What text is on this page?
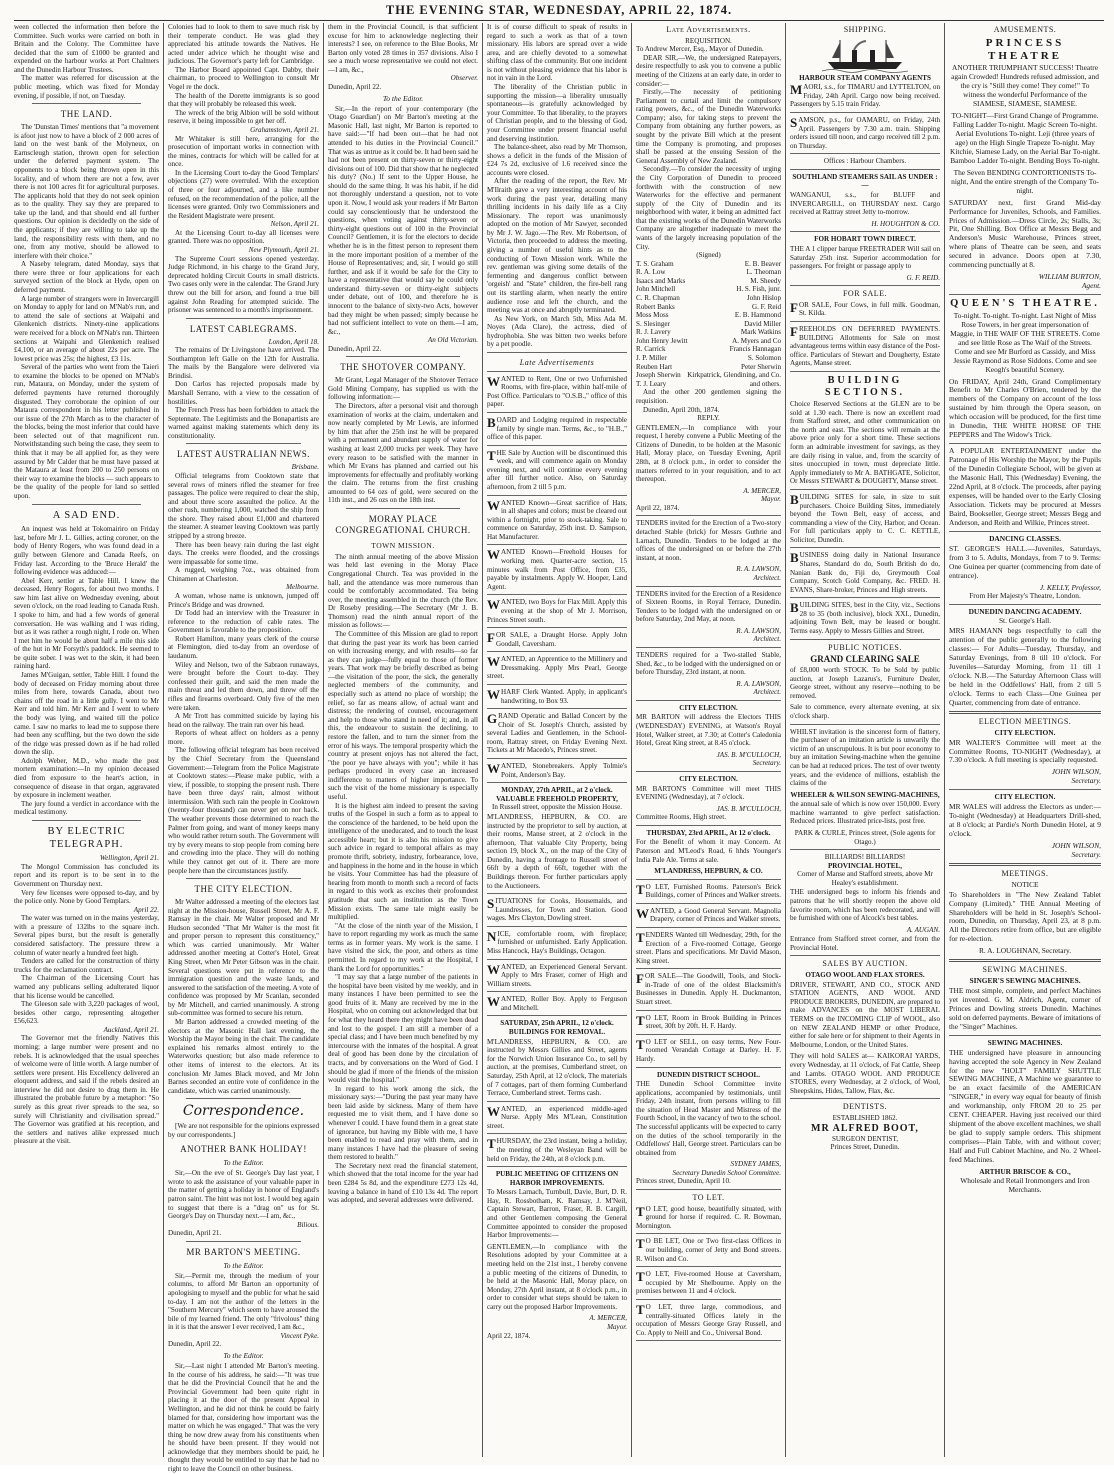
THE EVENING STAR, WEDNESDAY, APRIL 22, 1874.

ween collected the information then before the Committee. Such works were carried on both in Britain and the Colony. The Committee have decided that the sum of £1000 be granted and expended on the harbour works at Port Chalmers and the Dunedin Harbour Trustees.

The matter was referred for discussion at the public meeting, which was fixed for Monday evening, if possible, if not, on Tuesday.

THE LAND.

The 'Dunstan Times' mentions that "a movement is afoot just now to have a block of 2 000 acres of land on the west bank of the Molyneux, on Earnscleugh station, thrown open for selection under the deferred payment system. The opponents to a block being thrown open in this locality, and of whom there are not a few, aver there is not 100 acres fit for agricultural purposes. The applicants hold that they do not seek opinion as to the quality. They say they are prepared to take up the land, and that should end all further questions. Our opinion is decidedly on the side of the applicants; if they are willing to take up the land, the responsibility rests with them, and no one, from any motive, should be allowed to interfere with their choice."

A Naseby telegram, dated Monday, says that there were three or four applications for each surveyed section of the block at Hyde, open on deferred payment.

A large number of strangers were in Invercargill on Monday to apply for land on M'Nab's run, and to attend the sale of sections at Waipahi and Glenkenich districts. Ninety-nine applications were received for a block on M'Nab's run. Thirteen sections at Waipahi and Glenkenich realised £4,100, or an average of about 22s per acre. The lowest price was 25s; the highest, £3 11s.

Several of the parties who went from the Taieri to examine the blocks to be opened on M'Nab's run, Mataura, on Monday, under the system of deferred payments have returned thoroughly disgusted. They corroborate the opinion of our Mataura correspondent in his letter published in our issue of the 27th March as to the character of the blocks, being the most inferior that could have been selected out of that magnificent run. Notwithstanding such being the case, they seem to think that it may be all applied for, as they were assured by Mr Calder that he must have passed at the Mataura at least from 200 to 250 persons on their way to examine the blocks — such appears to be the quality of the people for land so settled upon.

A SAD END.

An inquest was held at Tokomairiro on Friday last, before Mr J. L. Gillies, acting coroner, on the body of Henry Rogers, who was found dead in a gully between Glenore and Canada Reefs, on Friday last. According to the 'Bruce Herald' the following evidence was adduced:—

Abel Kerr, settler at Table Hill. I knew the deceased, Henry Rogers, for about two months. I saw him last alive on Wednesday evening, about seven o'clock, on the road leading to Canada Rush. I spoke to him, and had a few words of general conversation. He was walking and I was riding, but as it was rather a rough night, I rode on. When I met him he would be about half a mile this side of the hut in Mr Forsyth's paddock. He seemed to be quite sober. I was wet to the skin, it had been raining hard.

James M'Guigan, settler, Table Hill. I found the body of deceased on Friday morning about three miles from here, towards Canada, about two chains off the road in a little gully. I went to Mr Kerr and told him. Mr Kerr and I went to where the body was lying, and waited till the police came. I saw no marks to lead me to suppose there had been any scuffling, but the two down the side of the ridge was pressed down as if he had rolled down the slip.

Adolph Weber, M.D., who made the post mortem examination:—In my opinion deceased died from exposure to the heart's action, in consequence of disease in that organ, aggravated by exposure in inclement weather.

The jury found a verdict in accordance with the medical testimony.

BY ELECTRIC TELEGRAPH.

Wellington, April 21.

The Mongol Commission has concluded its report and its report is to be sent in to the Government on Thursday next.

Very few licenses were opposed to-day, and by the police only. None by Good Templars.

April 22.

The water was turned on in the mains yesterday, with a pressure of 132lbs to the square inch. Several pipes burst, but the result is generally considered satisfactory. The pressure threw a column of water nearly a hundred feet high.

Tenders are called for the construction of thirty trucks for the reclamation contract.

The Chairman of the Licensing Court has warned any publicans selling adulterated liquor that his license would be cancelled.

The Gleeson sale with 3,220 packages of wool, besides other cargo, representing altogether £56,623.

Auckland, April 21.

The Governor met the friendly Natives this morning; a large number were present and no rebels. It is acknowledged that the usual speeches of welcome were of little worth. A large number of settlers were present. His Excellency delivered an eloquent address, and said if the rebels desired an interview he did not desire to drag them in. He illustrated the probable future by a metaphor: "So surely as this great river spreads to the sea, so surely will Christianity and civilisation spread." The Governor was gratified at his reception, and the settlers and natives alike expressed much pleasure at the visit.

Colonies had to look to them to save much risk by their temperate conduct. He was glad they appreciated his attitude towards the Natives. He acted under advice which he thought wise and judicious. The Governor's party left for Cambridge.

The Harbor Board appointed Capt. Dabby, their chairman, to proceed to Wellington to consult Mr Vogel re the dock.

The health of the Dorette immigrants is so good that they will probably be released this week.

The wreck of the brig Albion will be sold without reserve, it being impossible to get her off.

Grahamstown, April 21.

Mr Whitaker is still here, arranging for the prosecution of important works in connection with the mines, contracts for which will be called for at once.

In the Licensing Court to-day the Good Templars' objections (27) were overruled. With the exception of three or four adjourned, and a like number refused, on the recommendation of the police, all the licenses were granted. Only two Commissioners and the Resident Magistrate were present.

Nelson, April 21.

At the Licensing Court to-day all licenses were granted. There was no opposition.

New Plymouth, April 21.

The Supreme Court sessions opened yesterday. Judge Richmond, in his charge to the Grand Jury, deprecated holding Circuit Courts in small districts. Two cases only were in the calendar. The Grand Jury threw out the bill for arson, and found a true bill against John Reading for attempted suicide. The prisoner was sentenced to a month's imprisonment.

LATEST CABLEGRAMS.

London, April 18.

The remains of Dr Livingstone have arrived. The Southampton left Galle on the 12th for Australia. The mails by the Bangalore were delivered via Brindisi.

Don Carlos has rejected proposals made by Marshall Serrano, with a view to the cessation of hostilities.

The French Press has been forbidden to attack the Septennate. The Legitimists and the Bonapartists are warned against making statements which deny its constitutionality.

LATEST AUSTRALIAN NEWS.

Brisbane.

Official telegrams from Cooktown state that several rows of miners rifled the steamer for free passages. The police were required to clear the ship, and about three score assaulted the police. At the other rush, numbering 1,000, watched the ship from the shore. They raised about £1,000 and chartered the steamer. A steamer leaving Cooktown was partly stripped by a strong breeze.

There has been heavy rain during the last eight days. The creeks were flooded, and the crossings were impassable for some time.

A rugged, weighing 7oz., was obtained from Chinamen at Charleston.

Melbourne.

A woman, whose name is unknown, jumped off Prince's Bridge and was drowned.

Dr Todd had an interview with the Treasurer in reference to the reduction of cable rates. The Government is favorable to the proposition.

Robert Hamilton, many years clerk of the course at Flemington, died to-day from an overdose of laudanum.

Wiley and Nelson, two of the Sabraon runaways, were brought before the Court to-day. They confessed their guilt, and said the men made the main threat and led them down, and threw off the rifles and firearms overboard. Only five of the men were taken.

A Mr Trott has committed suicide by laying his head on the railway. The train ran over his head.

Reports of wheat affect on holders as a penny more.

The following official telegram has been received by the Chief Secretary from the Queensland Government:—Telegram from the Police Magistrate at Cooktown states:—Please make public, with a view, if possible, to stopping the present rush. There have been three days' rain, almost without intermission. With such rain the people in Cooktown (twenty-four thousand) can never get on nor back. The weather prevents those determined to reach the Palmer from going, and want of money keeps many who would rather return south. The Government will try by every means to stop people from coming here and crowding into the place. They will do nothing while they cannot get out of it. There are more people here than the circumstances justify.

THE CITY ELECTION.

Mr Walter addressed a meeting of the electors last night at the Mission-house, Russell Street, Mr A. F. Ramsay in the chair. Mr Walter proposed and Mr Hudson seconded "That Mr Walter is the most fit and proper person to represent this constituency," which was carried unanimously. Mr Walter addressed another meeting at Cotter's Hotel, Great King Street, when Mr Peter Gibson was in the chair. Several questions were put in reference to the immigration question and the waste lands, and answered to the satisfaction of the meeting. A vote of confidence was proposed by Mr Scanlan, seconded by Mr Mitchell, and carried unanimously. A strong sub-committee was formed to secure his return.

Mr Barton addressed a crowded meeting of the electors at the Masonic Hall last evening, the Worship the Mayor being in the chair. The candidate explained his remarks almost entirely to the Waterworks question; but also made reference to other items of interest to the electors. At its conclusion Mr James Black moved, and Mr John Barnes seconded an entire vote of confidence in the candidate, which was carried unanimously.

Correspondence.

[We are not responsible for the opinions expressed by our correspondents.]

ANOTHER BANK HOLIDAY!

To the Editor.

Sir,—On the eve of St. George's Day last year, I wrote to ask the assistance of your valuable paper in the matter of getting a holiday in honor of England's patron saint. The hint was not lost. I would beg again to suggest that there is a "drag on" us for St. George's Day on Thursday next.—I am, &c.,

Bilious.

Dunedin, April 21.

MR BARTON'S MEETING.

To the Editor.

Sir,—Permit me, through the medium of your columns, to afford Mr Barton an opportunity of apologising to myself and the public for what he said to-day. I am not the author of the letters in the "Southern Mercury" which seem to have aroused the bile of my learned friend. The only "frivolous" thing in it is that the answer I ever received, I am &c.,

Vincent Pyke.

Dunedin, April 22.

To the Editor.

Sir,—Last night I attended Mr Barton's meeting. In the course of his address, he said:—"It was true that he did the Provincial Council that he and the Provincial Government had been quite right in placing it at the door of the present Appeal in Wellington, and he did not think he could be fairly blamed for that, considering how important was the matter on which he was engaged." That was the very thing he now drew away from his constituents when he should have been present. If they would not acknowledge that they members should be paid, he thought they would be entitled to say that he had no right to leave the Council on other business.

them in the Provincial Council, is that sufficient excuse for him to acknowledge neglecting their interests? I see, on reference to the Blue Books, Mr Barton only voted 28 times in 357 divisions. Also I see a much worse representative we could not elect.—I am, &c.,

Observer.

Dunedin, April 22.

To the Editor.

Sir,—In the report of your contemporary (the 'Otago Guardian') on Mr Barton's meeting at the Masonic Hall, last night, Mr Barton is reported to have said:—"If had been out—that he had not attended to his duties in the Provincial Council." That was as untrue as it could be. It had been said he had not been present on thirty-seven or thirty-eight divisions out of 100. Did that show that he neglected his duty? (No.) If sent to the Upper House, he should do the same thing. It was his habit, if he did not thoroughly understand a question, not to vote upon it. Now, I would ask your readers if Mr Barton could say conscientiously that he understood the questions, when voting against thirty-seven or thirty-eight questions out of 100 in the Provincial Council? Gentlemen, it is for the electors to decide whether he is in the fittest person to represent them in the more important position of a member of the House of Representatives; and, sir, I would go still further, and ask if it would be safe for the City to have a representative that would say he could only understand thirty-seven or thirty-eight subjects under debate, out of 100, and therefore he is innocent to the balance of sixty-two Acts, however bad they might be when passed; simply because he had not sufficient intellect to vote on them.—I am, &c.,

An Old Victorian.

Dunedin, April 22.

THE SHOTOVER COMPANY.

Mr Grant, Legal Manager of the Shotover Terrace Gold Mining Company, has supplied us with the following information:—

The Directors, after a personal visit and thorough examination of works at the claim, undertaken and now nearly completed by Mr Lewis, are informed by him that after the 25th inst he will be prepared with a permanent and abundant supply of water for washing at least 2,000 trucks per week. They have every reason to be satisfied with the manner in which Mr Evans has planned and carried out his improvements for effectually and profitably working the claim. The returns from the first crushing amounted to 64 ozs of gold, were secured on the 11th inst., and 26 ozs on the 18th inst.

MORAY PLACE CONGREGATIONAL CHURCH.

TOWN MISSION.

The ninth annual meeting of the above Mission was held last evening in the Moray Place Congregational Church. Tea was provided in the hall, and the attendance was more numerous than could be comfortably accommodated. Tea being over, the meeting assembled in the church (the Rev. Dr Roseby presiding.—The Secretary (Mr J. B. Thomson) read the ninth annual report of the mission as follows:—

The Committee of this Mission are glad to report that during the past year its work has been carried on with increasing energy, and with results—so far as they can judge—fully equal to those of former years. That work may be briefly described as being—the visitation of the poor, the sick, the generally neglected members of the community, and especially such as attend no place of worship; the relief, so far as means allow, of actual want and distress; the rendering of counsel, encouragement and help to those who stand in need of it; and, in all this, the endeavour to sustain the declining, to restore the fallen, and to turn the sinner from the error of his ways. The temporal prosperity which the country at present enjoys has not altered the fact, "the poor ye have always with you"; while it has perhaps produced in every case an increased indifference to matters of higher importance. To such the visit of the home missionary is especially useful.

It is the highest aim indeed to present the saving truths of the Gospel in such a form as to appeal to the conscience of the hardened, to be held upon the intelligence of the uneducated, and to touch the least accessible heart; but it is also his mission to give such advice in regard to temporal affairs as may promote thrift, sobriety, industry, forbearance, love, and happiness in the home and in the house in which he visits. Your Committee has had the pleasure of hearing from month to month such a record of facts in regard to this work as excites their profoundest gratitude that such an institution as the Town Mission exists. The same tale might easily be multiplied.

"At the close of the ninth year of the Mission, I have to report regarding my work as much the same terms as in former years. My work is the same. I have visited the sick, the poor, and others as time permitted. In regard to my work at the Hospital, I thank the Lord for opportunities."

"I may say that a large number of the patients in the hospital have been visited by me weekly, and in many instances I have been permitted to see the good fruits of it. Many are received by me in the Hospital, who on coming out acknowledged that but for what they heard there they might have been dead and lost to the gospel. I am still a member of a special class; and I have been much benefited by my intercourse with the inmates of the hospital. A great deal of good has been done by the circulation of tracts, and by conversations on the Word of God. I should be glad if more of the friends of the mission would visit the hospital."

In regard to his work among the sick, the missionary says:—"During the past year many have been laid aside by sickness. Many of them have requested me to visit them, and I have done so whenever I could. I have found them in a great state of ignorance, but having my Bible with me, I have been enabled to read and pray with them, and in many instances I have had the pleasure of seeing them restored to health."

The Secretary next read the financial statement, which showed that the total income for the year had been £284 5s 8d, and the expenditure £273 12s 4d, leaving a balance in hand of £10 13s 4d. The report was adopted, and several addresses were delivered.

It is of course difficult to speak of results in regard to such a work as that of a town missionary. His labors are spread over a wide area, and are chiefly devoted to a somewhat shifting class of the community. But one incident is not without pleasing evidence that his labor is not in vain in the Lord.

The liberality of the Christian public in supporting the mission—a liberality unusually spontaneous—is gratefully acknowledged by your Committee. To that liberality, to the prayers of Christian people, and to the blessing of God, your Committee under present financial useful and deserving institution.

The balance-sheet, also read by Mr Thomson, shows a deficit in the funds of the Mission of £24 7s 2d, exclusive of 1.6 received since the accounts were closed.

After the reading of the report, the Rev. Mr M'Ilraith gave a very interesting account of his work during the past year, detailing many thrilling incidents in his daily life as a City Missionary. The report was unanimously adopted on the motion of Mr Sawyer, seconded by Mr J. W. Jago.—The Rev. Mr Robertson, of Victoria, then proceeded to address the meeting, giving a number of useful hints as to the conducting of Town Mission work. While the rev. gentleman was giving some details of the fermenting and dangerous conflict between 'orgeish' and "State" children, the fire-bell rang out its startling alarm, when nearly the entire audience rose and left the church, and the meeting was at once and abruptly terminated.

As New York, on March 5th, Miss Ada M. Noyes (Ada Clare), the actress, died of hydrophobia. She was bitten two weeks before by a pet poodle.

Late Advertisements

WANTED to Rent, One or two Unfurnished Rooms, with fire-place, within half-mile of Post Office. Particulars to "O.S.B.," office of this paper.

BOARD and Lodging required in respectable family by single man. Terms, &c., to "H.B.," office of this paper.

THE Sale by Auction will be discontinued this week, and will commence again on Monday evening next, and will continue every evening after till further notice. Also, on Saturday afternoon, from 2 till 5 p.m.

WANTED Known—Great sacrifice of Hats, in all shapes and colors; must be cleared out within a fortnight, prior to stock-taking. Sale to commence on Saturday, 25th inst. D. Sampson, Hat Manufacturer.

WANTED Known—Freehold Houses for working men. Quarter-acre section, 15 minutes walk from Post Office, from £35, payable by instalments. Apply W. Hooper, Land Agent.

WANTED, two Boys for Flax Mill. Apply this evening at the shop of Mr J. Morrison, Princes Street south.

FOR SALE, a Draught Horse. Apply John Goodall, Caversham.

WANTED, an Apprentice to the Millinery and Dressmaking. Apply Mrs Pearl, George street.

WHARF Clerk Wanted. Apply, in applicant's handwriting, to Box 93.

GRAND Operatic and Ballad Concert by the Choir of St. Joseph's Church, assisted by several Ladies and Gentlemen, in the School-room, Rattray street, on Friday Evening Next. Tickets at Mr Macedo's, Princes street.

WANTED, Stonebreakers. Apply Tolmie's Point, Anderson's Bay.

MONDAY, 27th APRIL, at 2 o'clock.

VALUABLE FREEHOLD PROPERTY,

In Russell street, opposite the Mission House.

M'LANDRESS, HEPBURN, & CO. are instructed by the proprietor to sell by auction, at their rooms, Manse street, at 2 o'clock in the afternoon, That valuable City Property, being section 19, block X., on the map of the City of Dunedin, having a frontage to Russell street of 66ft by a depth of 66ft, together with the Buildings thereon. For further particulars apply to the Auctioneers.

SITUATIONS for Cooks, Housemaids, and Laundresses, for Town and Station. Good wages. Mrs Clayton, Dowling street.

NICE, comfortable room, with fireplace; furnished or unfurnished. Early Application. Miss Hancock, Hay's Buildings, Octagon.

WANTED, an Experienced General Servant. Apply to Mrs Fraser, corner of High and William streets.

WANTED, Roller Boy. Apply to Ferguson and Mitchell.

SATURDAY, 25th APRIL, 12 o'clock.

BUILDINGS FOR REMOVAL.

M'LANDRESS, HEPBURN, & CO. are instructed by Messrs Gillies and Street, agents for the Norwich Union Insurance Co., to sell by auction, at the premises, Cumberland street, on Saturday, 25th April, at 12 o'clock, The materials of 7 cottages, part of them forming Cumberland Terrace, Cumberland street. Terms cash.

WANTED, an experienced middle-aged Nurse. Apply Mrs M'Lean, Constitution street.

THURSDAY, the 23rd instant, being a holiday, the meeting of the Wesleyan Band will be held on Friday, the 24th, at 8 o'clock p.m.

PUBLIC MEETING OF CITIZENS ON HARBOR IMPROVEMENTS.

To Messrs Larnach, Turnbull, Davie, Burt, D. R. Hay, R. Rossbotham, K. Ramsay, J. M'Neil, Captain Stewart, Barron, Fraser, R. B. Cargill, and other Gentlemen composing the General Committee appointed to consider the proposed Harbor Improvements:—

GENTLEMEN,—In compliance with the Resolutions adopted by your Committee at a meeting held on the 21st inst., I hereby convene a public meeting of the citizens of Dunedin, to be held at the Masonic Hall, Moray place, on Monday, 27th April instant, at 8 o'clock p.m., in order to consider what steps should be taken to carry out the proposed Harbor Improvements.

A. MERCER,

Mayor.

April 22, 1874.

Late Advertisements.

REQUISITION.

To Andrew Mercer, Esq., Mayor of Dunedin.

DEAR SIR,—We, the undersigned Ratepayers, desire respectfully to ask you to convene a public meeting of the Citizens at an early date, in order to consider:—

Firstly,—The necessity of petitioning Parliament to curtail and limit the compulsory rating powers, &c., of the Dunedin Waterworks Company; also, for taking steps to prevent the Company from obtaining any further powers, as sought by the private Bill which at the present time the Company is promoting, and proposes shall be passed at the ensuing Session of the General Assembly of New Zealand.

Secondly.—To consider the necessity of urging the City Corporation of Dunedin to proceed forthwith with the construction of new Waterworks for the effective and permanent supply of the City of Dunedin and its neighborhood with water, it being an admitted fact that the existing works of the Dunedin Waterworks Company are altogether inadequate to meet the wants of the largely increasing population of the City.

(Signed)

T. S. Graham	E. B. Beaver
R. A. Low	L. Theoman
Isaacs and Marks	M. Sheedy
John Mitchell	H. S. Fish, junr.
C. R. Chapman	John Hislop
Robert Banks	G. F. Reid
Moss Moss	E. B. Hammond
S. Slesinger	David Miller
R. J. Lavery	Mark Watkins
John Henry Jewitt	A. Myers and Co
R. Carrick	Francis Hannagan
J. P. Miller	S. Solomon
Reuben Hart	Peter Sherwin
Joseph Sherwin Kirkpatrick, Glendining, and Co.
T. J. Leary	and others.

And the other 200 gentlemen signing the requisition.

Dunedin, April 20th, 1874.

REPLY.

GENTLEMEN,—In compliance with your request, I hereby convene a Public Meeting of the Citizens of Dunedin, to be holden at the Masonic Hall, Moray place, on Tuesday Evening, April 28th, at 8 o'clock p.m., in order to consider the matters referred to in your requisition, and to act thereupon.

A. MERCER,

Mayor.

April 22, 1874.

TENDERS invited for the Erection of a Two-story detached Stable (brick) for Messrs Guthrie and Larnach, Dunedin. Tenders to be lodged at the offices of the undersigned on or before the 27th instant, at noon.

R. A. LAWSON,

Architect.

TENDERS invited for the Erection of a Residence of Sixteen Rooms, in Royal Terrace, Dunedin. Tenders to be lodged with the undersigned on or before Saturday, 2nd May, at noon.

R. A. LAWSON,

Architect.

TENDERS required for a Two-stalled Stable, Shed, &c., to be lodged with the undersigned on or before Thursday, 23rd instant, at noon.

R. A. LAWSON,

Architect.

CITY ELECTION.

MR BARTON will address the Electors THIS (WEDNESDAY) EVENING, at Watson's Royal Hotel, Walker street, at 7.30; at Cotter's Caledonia Hotel, Great King street, at 8.45 o'clock.

JAS. B. M'CULLOCH,

Secretary.

CITY ELECTION.

MR BARTON'S Committee will meet THIS EVENING (Wednesday), at 7 o'clock.

JAS. B. M'CULLOCH,

Committee Rooms, High street.

THURSDAY, 23rd APRIL, At 12 o'clock.

For the Benefit of whom it may Concern. At Paterson and M'Leod's Road, 6 hhds Younger's India Pale Ale. Terms at sale.

M'LANDRESS, HEPBURN, & CO.

T O LET, Furnished Rooms. Paterson's Brick Buildings, corner of Princes and Walker streets.

WANTED, a Good General Servant. Magnolia Drapery, corner of Princes and Walker streets.

TENDERS Wanted till Wednesday, 29th, for the Erection of a Five-roomed Cottage, George street. Plans and specifications. Mr David Mason, King street.

FOR SALE—The Goodwill, Tools, and Stock-in-Trade of one of the oldest Blacksmith's Businesses in Dunedin. Apply H. Duckmanton, Stuart street.

T O LET, Room in Brook Building in Princes street, 30ft by 20ft. H. F. Hardy.

T O LET or SELL, on easy terms, New Four-roomed Verandah Cottage at Darley. H. F. Hardy.

DUNEDIN DISTRICT SCHOOL.

THE Dunedin School Committee invite applications, accompanied by testimonials, until Friday, 24th instant, from persons willing to fill the situation of Head Master and Mistress of the Fourth School, in the vacancy of two to the school. The successful applicants will be expected to carry on the duties of the school temporarily in the Oddfellows' Hall, George street. Particulars can be obtained from

SYDNEY JAMES,

Secretary Dunedin School Committee.

Princes street, Dunedin, April 10.

TO LET.

T O LET, good house, beautifully situated, with ground for horse if required. C. R. Bowman, Mornington.

T O BE LET, One or Two first-class Offices in our building, corner of Jetty and Bond streets. R. Wilson and Co.

T O LET, Five-roomed House at Caversham, occupied by Mr Shelbourne. Apply on the premises between 11 and 4 o'clock.

T O LET, three large, commodious, and centrally-situated Offices lately in the occupation of Messrs George Gray Russell, and Co. Apply to Neill and Co., Universal Bond.

SHIPPING.

HARBOUR STEAM COMPANY AGENTS

MAORI, s.s., for TIMARU and LYTTELTON, on Friday, 24th April. Cargo now being received. Passengers by 5.15 train Friday.

SAMSON, p.s., for OAMARU, on Friday, 24th April. Passengers by 7.30 a.m. train. Shipping orders issued till noon, and cargo received till 2 p.m. on Thursday.

Offices : Harbour Chambers.

SOUTHLAND STEAMERS SAIL AS UNDER :—

WANGANUI, s.s., for BLUFF and INVERCARGILL, on THURSDAY next. Cargo received at Rattray street Jetty to-morrow.

H. HOUGHTON & CO.

FOR HOBART TOWN DIRECT.

THE A 1 clipper barque FREETRADER Will sail on Saturday 25th inst. Superior accommodation for passengers. For freight or passage apply to

G. F. REID.

FOR SALE.

FOR SALE, Four Cows, in full milk. Goodman, St. Kilda.

FREEHOLDS ON DEFERRED PAYMENTS. BUILDING Allotments for Sale on most advantageous terms within easy distance of the Post-office. Particulars of Stewart and Dougherty, Estate Agents, Manse street.

BUILDING SECTIONS.

Choice Reserved Sections at the GLEN are to be sold at 1.30 each. There is now an excellent road from Stafford street, and other communication on the north and east. The sections will remain at the above price only for a short time. These sections form an admirable investment for savings, as they are daily rising in value, and, from the scarcity of sites unoccupied in town, must depreciate little. Apply immediately to Mr A. BATHGATE, Solicitor, Or Messrs STEWART & DOUGHTY, Manse street.

BUILDING SITES for sale, in size to suit purchasers. Choice Building Sites, immediately beyond the Town Belt, easy of access, and commanding a view of the City, Harbor, and Ocean. For full particulars apply to C. C. KETTLE, Solicitor, Dunedin.

BUSINESS doing daily in National Insurance Shares, Standard do do, South British do do, Nanian Bank do, Fiji do, Greymouth Coal Company, Scotch Gold Company, &c. FRED. H. EVANS, Share-broker, Princes and High streets.

BUILDING SITES, best in the City, viz., Sections 28 to 35 (both inclusive), block XXI., Dunedin, adjoining Town Belt, may be leased or bought. Terms easy. Apply to Messrs Gillies and Street.

PUBLIC NOTICES.

GRAND CLEARING SALE

of £8,000 worth STOCK. To be Sold by public auction, at Joseph Lazarus's, Furniture Dealer, George street, without any reserve—nothing to be removed.

Sale to commence, every alternate evening, at six o'clock sharp.

WHILST invitation is the sincerest form of flattery, the purchaser of an imitation article is unwarily the victim of an unscrupulous. It is but poor economy to buy an imitation Sewing-machine when the genuine can be had at reduced prices. The test of over twenty years, and the evidence of millions, establish the claims of the

WHEELER & WILSON SEWING-MACHINES,

the annual sale of which is now over 150,000. Every machine warranted to give perfect satisfaction. Reduced prices. Illustrated price-lists, post free.

PARK & CURLE, Princes street, (Sole agents for Otago.)

BILLIARDS! BILLIARDS!

PROVINCIAL HOTEL,

Corner of Manse and Stafford streets, above Mr Healey's establishment.

THE undersigned begs to inform his friends and patrons that he will shortly reopen the above old favorite room, which has been redecorated, and will be furnished with one of Alcock's best tables.

A. AUGAN.

Entrance from Stafford street corner, and from the Provincial Hotel.

SALES BY AUCTION.

OTAGO WOOL AND FLAX STORES.

DRIVER, STEWART, AND CO., STOCK AND STATION AGENTS, AND WOOL AND PRODUCE BROKERS, DUNEDIN, are prepared to make ADVANCES on the MOST LIBERAL TERMS on the INCOMING CLIP of WOOL, also on NEW ZEALAND HEMP or other Produce, either for sale here or for shipment to their Agents in Melbourne, London, or the United States.

They will hold SALES at— KAIKORAI YARDS, every Wednesday, at 11 o'clock, of Fat Cattle, Sheep and Lambs. OTAGO WOOL AND PRODUCE STORES, every Wednesday, at 2 o'clock, of Wool, Sheepskins, Hides, Tallow, Flax, &c.

DENTISTS.

ESTABLISHED 1862.

MR ALFRED BOOT,

SURGEON DENTIST,

Princes Street, Dunedin.

AMUSEMENTS.

PRINCESS THEATRE

ANOTHER TRIUMPHANT SUCCESS! Theatre again Crowded! Hundreds refused admission, and the cry is "Still they come! They come!" To witness the wonderful Performance of the SIAMESE, SIAMESE, SIAMESE.

TO-NIGHT—First Grand Change of Programme. Falling Ladder To-night. Magic Screen To-night. Aerial Evolutions To-night. Leji (three years of age) on the High Single Trapeze To-night. May Kitchie, Siamese Lady, on the Aerial Bar To-night. Bamboo Ladder To-night. Bending Boys To-night.

The Seven BENDING CONTORTIONISTS To-night, And the entire strength of the Company To-night.

SATURDAY next, first Grand Mid-day Performance for Juveniles, Schools, and Families. Prices of Admission.—Dress Circle, 2s; Stalls, 3s; Pit, One Shilling. Box Office at Messrs Begg and Anderson's Music Warehouse, Princes street, where plans of Theatre can be seen, and seats secured in advance. Doors open at 7.30, commencing punctually at 8.

WILLIAM BURTON,

Agent.

QUEEN'S THEATRE.

To-night. To-night. To-night. Last Night of Miss Rose Towers, in her great impersonation of Maggie, in THE WAIF OF THE STREETS. Come and see little Rose as The Waif of the Streets. Come and see Mr Burford as Cassidy, and Miss Jessie Raymond as Rose Siddons. Come and see Keogh's beautiful Scenery.

On FRIDAY, April 24th, Grand Complimentary Benefit to Mr Charles O'Brien, tendered by the members of the Company on account of the loss sustained by him through the Opera season, on which occasion will be produced, for the first time in Dunedin, THE WHITE HORSE OF THE PEPPERS and The Widow's Trick.

A POPULAR ENTERTAINMENT under the Patronage of His Worship the Mayor, by the Pupils of the Dunedin Collegiate School, will be given at the Masonic Hall, This (Wednesday) Evening, the 22nd April, at 8 o'clock. The proceeds, after paying expenses, will be handed over to the Early Closing Association. Tickets may be procured at Messrs Baird, Bookseller, George street; Messrs Begg and Anderson, and Reith and Wilkie, Princes street.

DANCING CLASSES.

ST. GEORGE'S HALL.—Juveniles, Saturdays, from 3 to 5. Adults, Mondays, from 7 to 9. Terms: One Guinea per quarter (commencing from date of entrance).

J. KELLY, Professor,

From Her Majesty's Theatre, London.

DUNEDIN DANCING ACADEMY.

St. George's Hall.

MRS HAMANN begs respectfully to call the attention of the public generally to the following classes:— For Adults—Tuesday, Thursday, and Saturday Evenings, from 8 till 10 o'clock. For Juveniles—Saturday Morning, from 11 till 1 o'clock. N.B.—The Saturday Afternoon Class will be held in the Oddfellows' Hall, from 2 till 5 o'clock. Terms to each Class—One Guinea per Quarter, commencing from date of entrance.

ELECTION MEETINGS.

CITY ELECTION.

MR WALTER'S Committee will meet at the Committee Rooms, TO-NIGHT (Wednesday), at 7.30 o'clock. A full meeting is specially requested.

JOHN WILSON,

Secretary.

CITY ELECTION.

MR WALES will address the Electors as under:— To-night (Wednesday) at Headquarters Drill-shed, at 8 o'clock; at Pardie's North Dunedin Hotel, at 9 o'clock.

JOHN WILSON,

Secretary.

MEETINGS.

NOTICE

To Shareholders in "The New Zealand Tablet Company (Limited)." THE Annual Meeting of Shareholders will be held in St. Joseph's School-room, Dunedin, on Thursday, April 23, at 8 p.m. All the Directors retire from office, but are eligible for re-election.

R. A. LOUGHNAN, Secretary.

SEWING MACHINES.

SINGER'S SEWING MACHINES.

THE most simple, complete, and perfect Machines yet invented. G. M. Aldrich, Agent, corner of Princes and Dowling streets Dunedin. Machines sold on deferred payments. Beware of imitations of the "Singer" Machines.

SEWING MACHINES.

THE undersigned have pleasure in announcing having accepted the sole Agency in New Zealand for the new "HOLT" FAMILY SHUTTLE SEWING MACHINE, A Machine we guarantee to be an exact facsimile of the AMERICAN "SINGER," in every way equal for beauty of finish and workmanship, only FROM 20 to 25 per CENT. CHEAPER. Having just received our third shipment of the above excellent machines, we shall be glad to supply sample orders. This shipment comprises—Plain Table, with and without cover; Half and Full Cabinet Machine, and No. 2 Wheel-feed Machines.

ARTHUR BRISCOE & CO.,

Wholesale and Retail Ironmongers and Iron Merchants.
